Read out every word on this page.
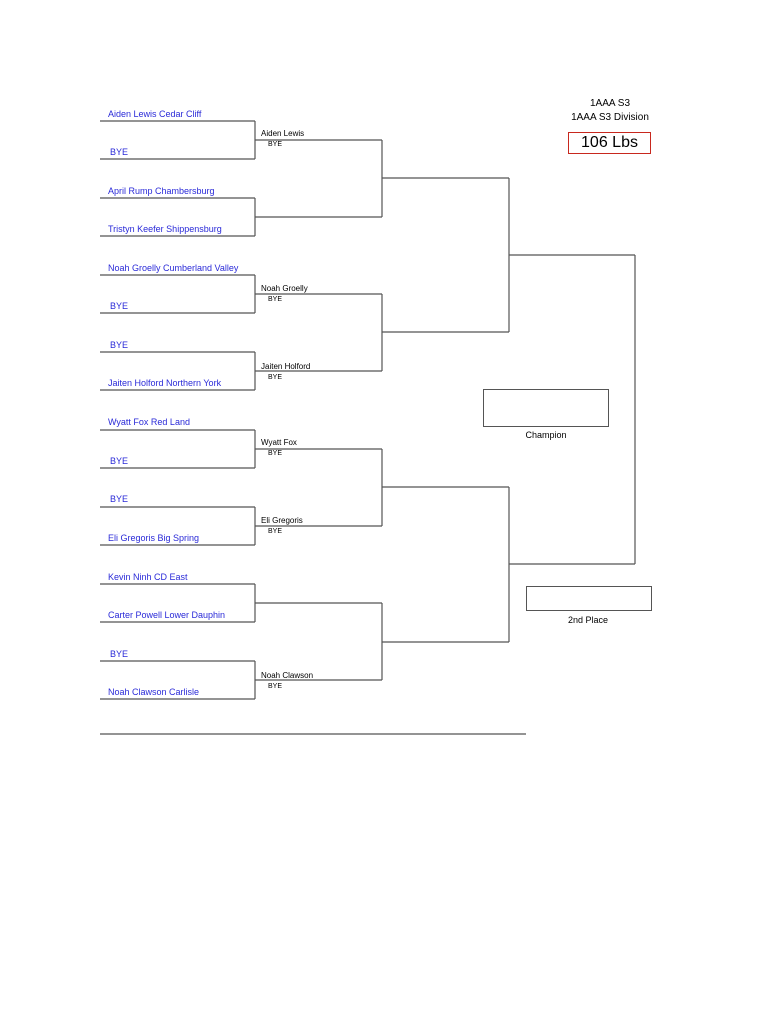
1AAA S3
1AAA S3 Division
106 Lbs
Aiden Lewis Cedar Cliff
BYE
April Rump Chambersburg
Tristyn Keefer Shippensburg
Noah Groelly Cumberland Valley
BYE
BYE
Jaiten Holford Northern York
Wyatt Fox Red Land
BYE
BYE
Eli Gregoris Big Spring
Kevin Ninh CD East
Carter Powell Lower Dauphin
BYE
Noah Clawson Carlisle
Aiden Lewis
BYE
Noah Groelly
BYE
Jaiten Holford
BYE
Wyatt Fox
BYE
Eli Gregoris
BYE
Noah Clawson
BYE
Champion
2nd Place
